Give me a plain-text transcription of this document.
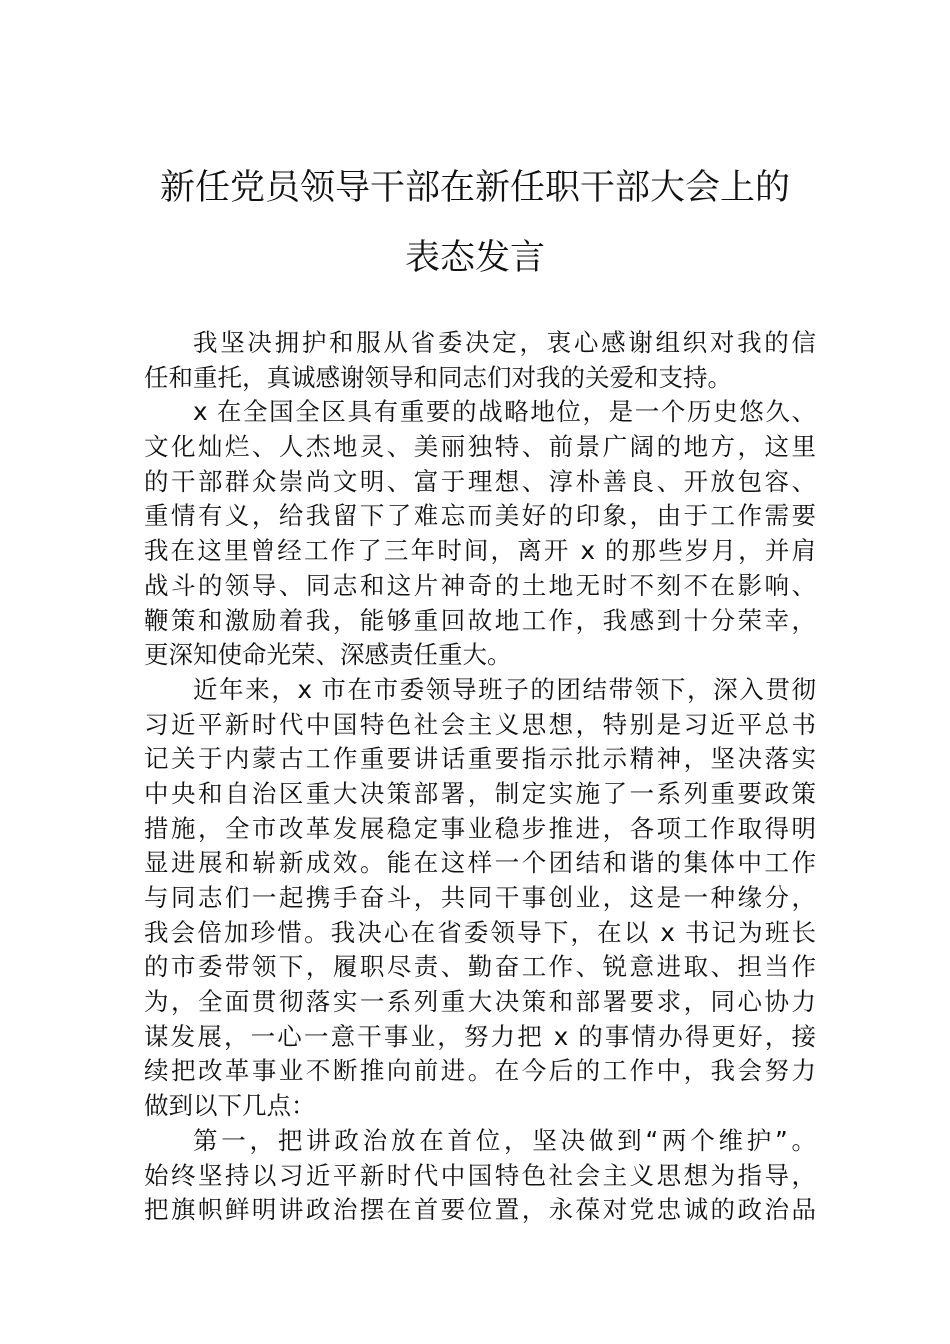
新任党员领导干部在新任职干部大会上的
表态发言
我坚决拥护和服从省委决定，衷心感谢组织对我的信
任和重托，真诚感谢领导和同志们对我的关爱和支持。
x 在全国全区具有重要的战略地位，是一个历史悠久、
文化灿烂、人杰地灵、美丽独特、前景广阔的地方，这里
的干部群众崇尚文明、富于理想、淳朴善良、开放包容、
重情有义，给我留下了难忘而美好的印象，由于工作需要
我在这里曾经工作了三年时间，离开 x 的那些岁月，并肩
战斗的领导、同志和这片神奇的土地无时不刻不在影响、
鞭策和激励着我，能够重回故地工作，我感到十分荣幸，
更深知使命光荣、深感责任重大。
近年来，x 市在市委领导班子的团结带领下，深入贯彻
习近平新时代中国特色社会主义思想，特别是习近平总书
记关于内蒙古工作重要讲话重要指示批示精神，坚决落实
中央和自治区重大决策部署，制定实施了一系列重要政策
措施，全市改革发展稳定事业稳步推进，各项工作取得明
显进展和崭新成效。能在这样一个团结和谐的集体中工作
与同志们一起携手奋斗，共同干事创业，这是一种缘分，
我会倍加珍惜。我决心在省委领导下，在以 x 书记为班长
的市委带领下，履职尽责、勤奋工作、锐意进取、担当作
为，全面贯彻落实一系列重大决策和部署要求，同心协力
谋发展，一心一意干事业，努力把 x 的事情办得更好，接
续把改革事业不断推向前进。在今后的工作中，我会努力
做到以下几点：
第一，把讲政治放在首位，坚决做到“两个维护”。
始终坚持以习近平新时代中国特色社会主义思想为指导，
把旗帜鲜明讲政治摆在首要位置，永葆对党忠诚的政治品
